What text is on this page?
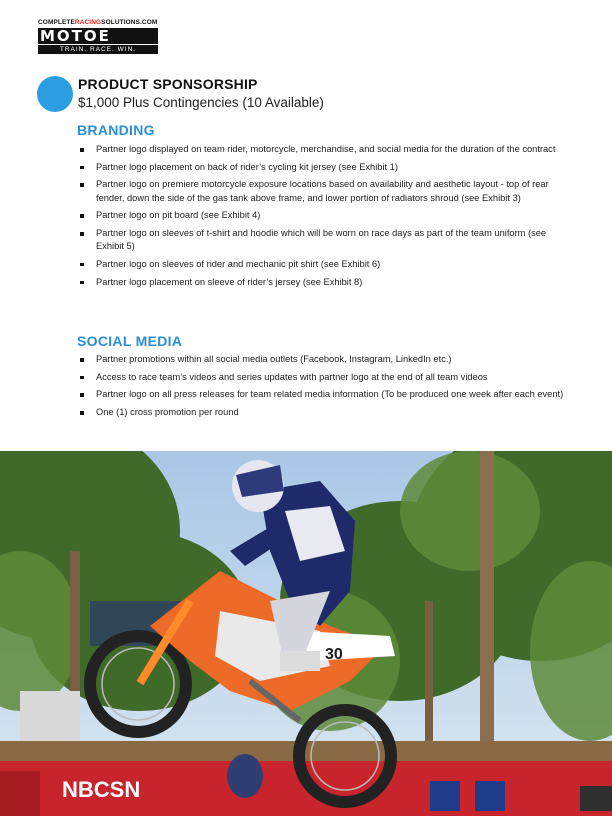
COMPLETERACINGSOLUTIONS.COM
MOTOE
TRAIN. RACE. WIN.
PRODUCT SPONSORSHIP
$1,000 Plus Contingencies (10 Available)
BRANDING
Partner logo displayed on team rider, motorcycle, merchandise, and social media for the duration of the contract
Partner logo placement on back of rider’s cycling kit jersey (see Exhibit 1)
Partner logo on premiere motorcycle exposure locations based on availability and aesthetic layout - top of rear fender, down the side of the gas tank above frame, and lower portion of radiators shroud (see Exhibit 3)
Partner logo on pit board (see Exhibit 4)
Partner logo on sleeves of t-shirt and hoodie which will be worn on race days as part of the team uniform (see Exhibit 5)
Partner logo on sleeves of rider and mechanic pit shirt (see Exhibit 6)
Partner logo placement on sleeve of rider’s jersey (see Exhibit 8)
SOCIAL MEDIA
Partner promotions within all social media outlets (Facebook, Instagram, LinkedIn etc.)
Access to race team’s videos and series updates with partner logo at the end of all team videos
Partner logo on all press releases for team related media information (To be produced one week after each event)
One (1) cross promotion per round
NBCSN
30
